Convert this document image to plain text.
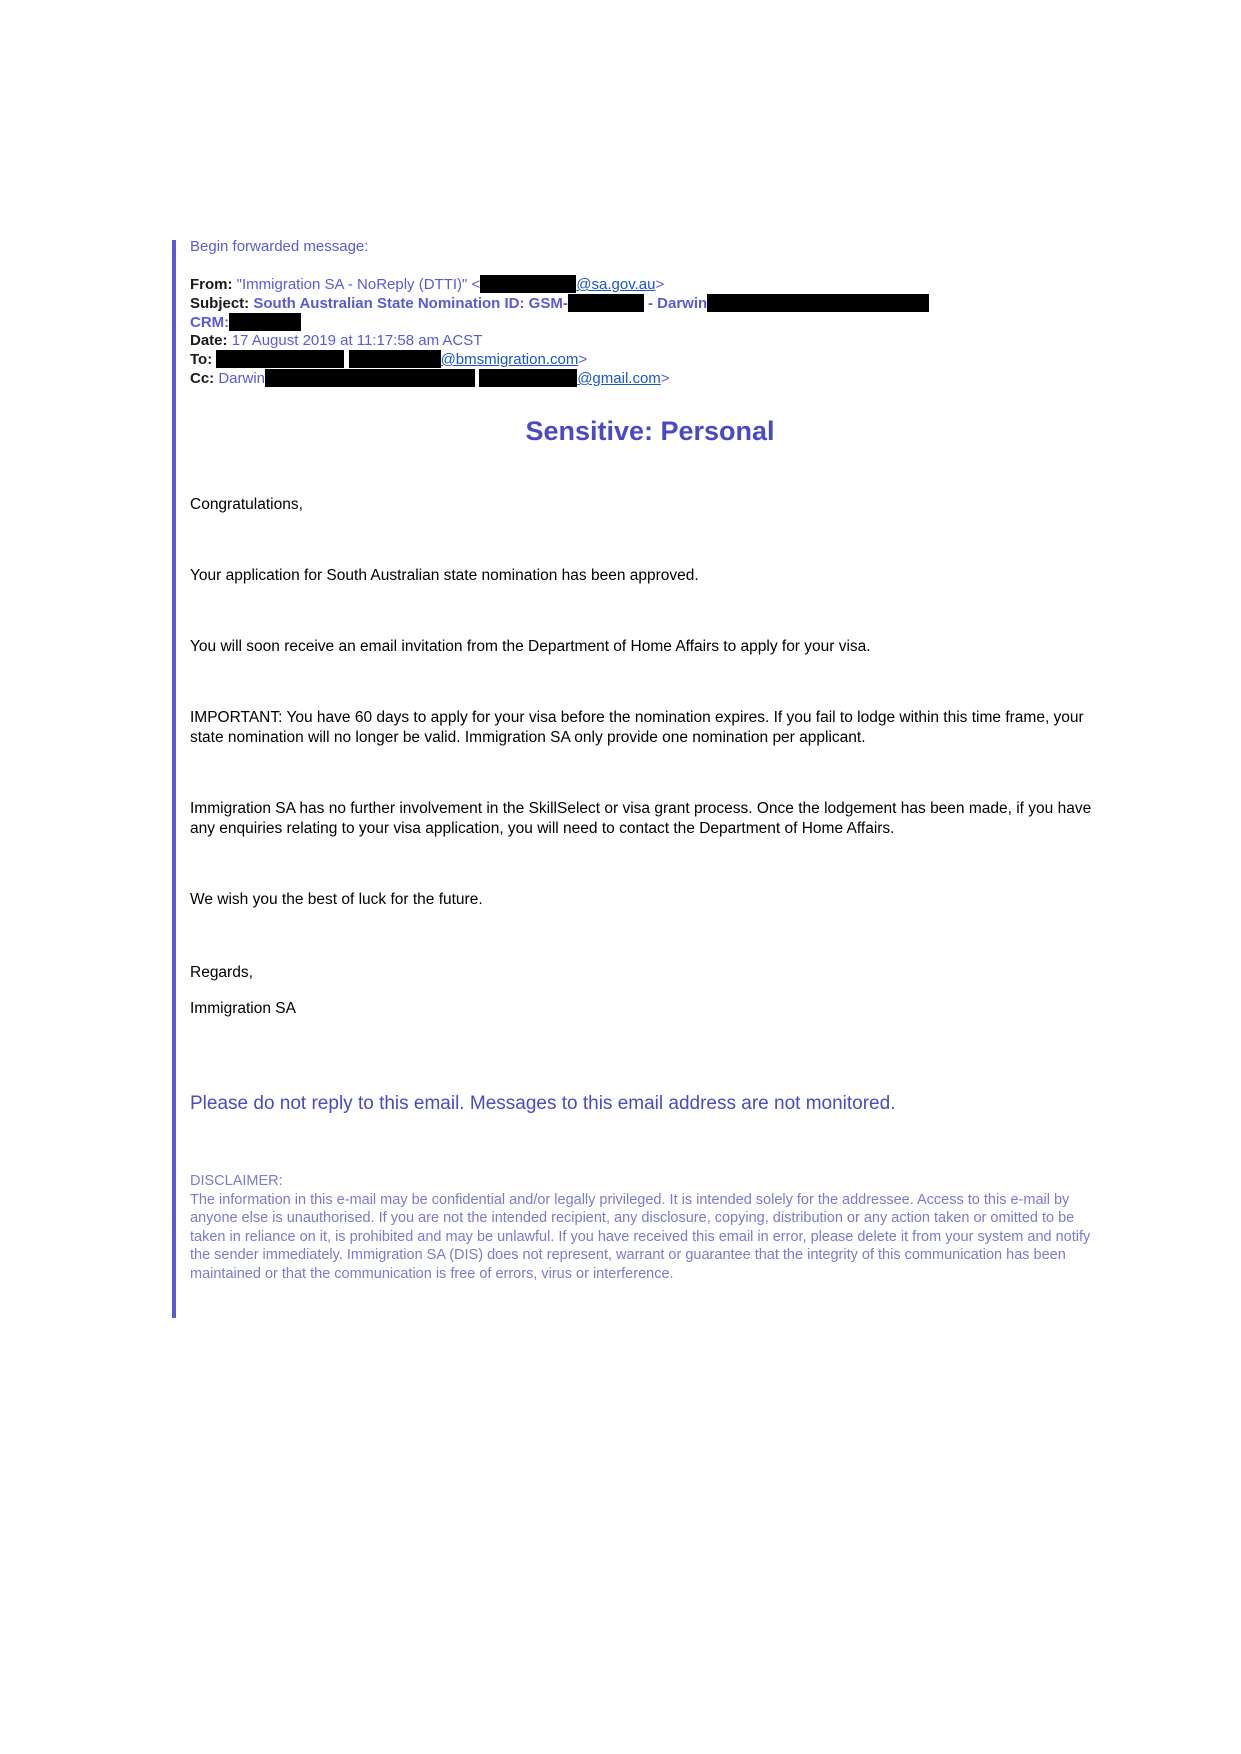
Begin forwarded message:
From: "Immigration SA - NoReply (DTTI)" <	@sa.gov.au>
Subject: South Australian State Nomination ID: GSM-	- Darwin
CRM:
Date: 17 August 2019 at 11:17:58 am ACST
To:	@bmsmigration.com>
Cc: Darwin	@gmail.com>
Sensitive: Personal

Congratulations,

Your application for South Australian state nomination has been approved.

You will soon receive an email invitation from the Department of Home Affairs to apply for your visa.

IMPORTANT: You have 60 days to apply for your visa before the nomination expires. If you fail to lodge within this time frame, your state nomination will no longer be valid. Immigration SA only provide one nomination per applicant.

Immigration SA has no further involvement in the SkillSelect or visa grant process. Once the lodgement has been made, if you have any enquiries relating to your visa application, you will need to contact the Department of Home Affairs.

We wish you the best of luck for the future.

Regards,

Immigration SA

Please do not reply to this email. Messages to this email address are not monitored.
DISCLAIMER:
The information in this e-mail may be confidential and/or legally privileged. It is intended solely for the addressee. Access to this e-mail by anyone else is unauthorised. If you are not the intended recipient, any disclosure, copying, distribution or any action taken or omitted to be taken in reliance on it, is prohibited and may be unlawful. If you have received this email in error, please delete it from your system and notify the sender immediately. Immigration SA (DIS) does not represent, warrant or guarantee that the integrity of this communication has been maintained or that the communication is free of errors, virus or interference.
